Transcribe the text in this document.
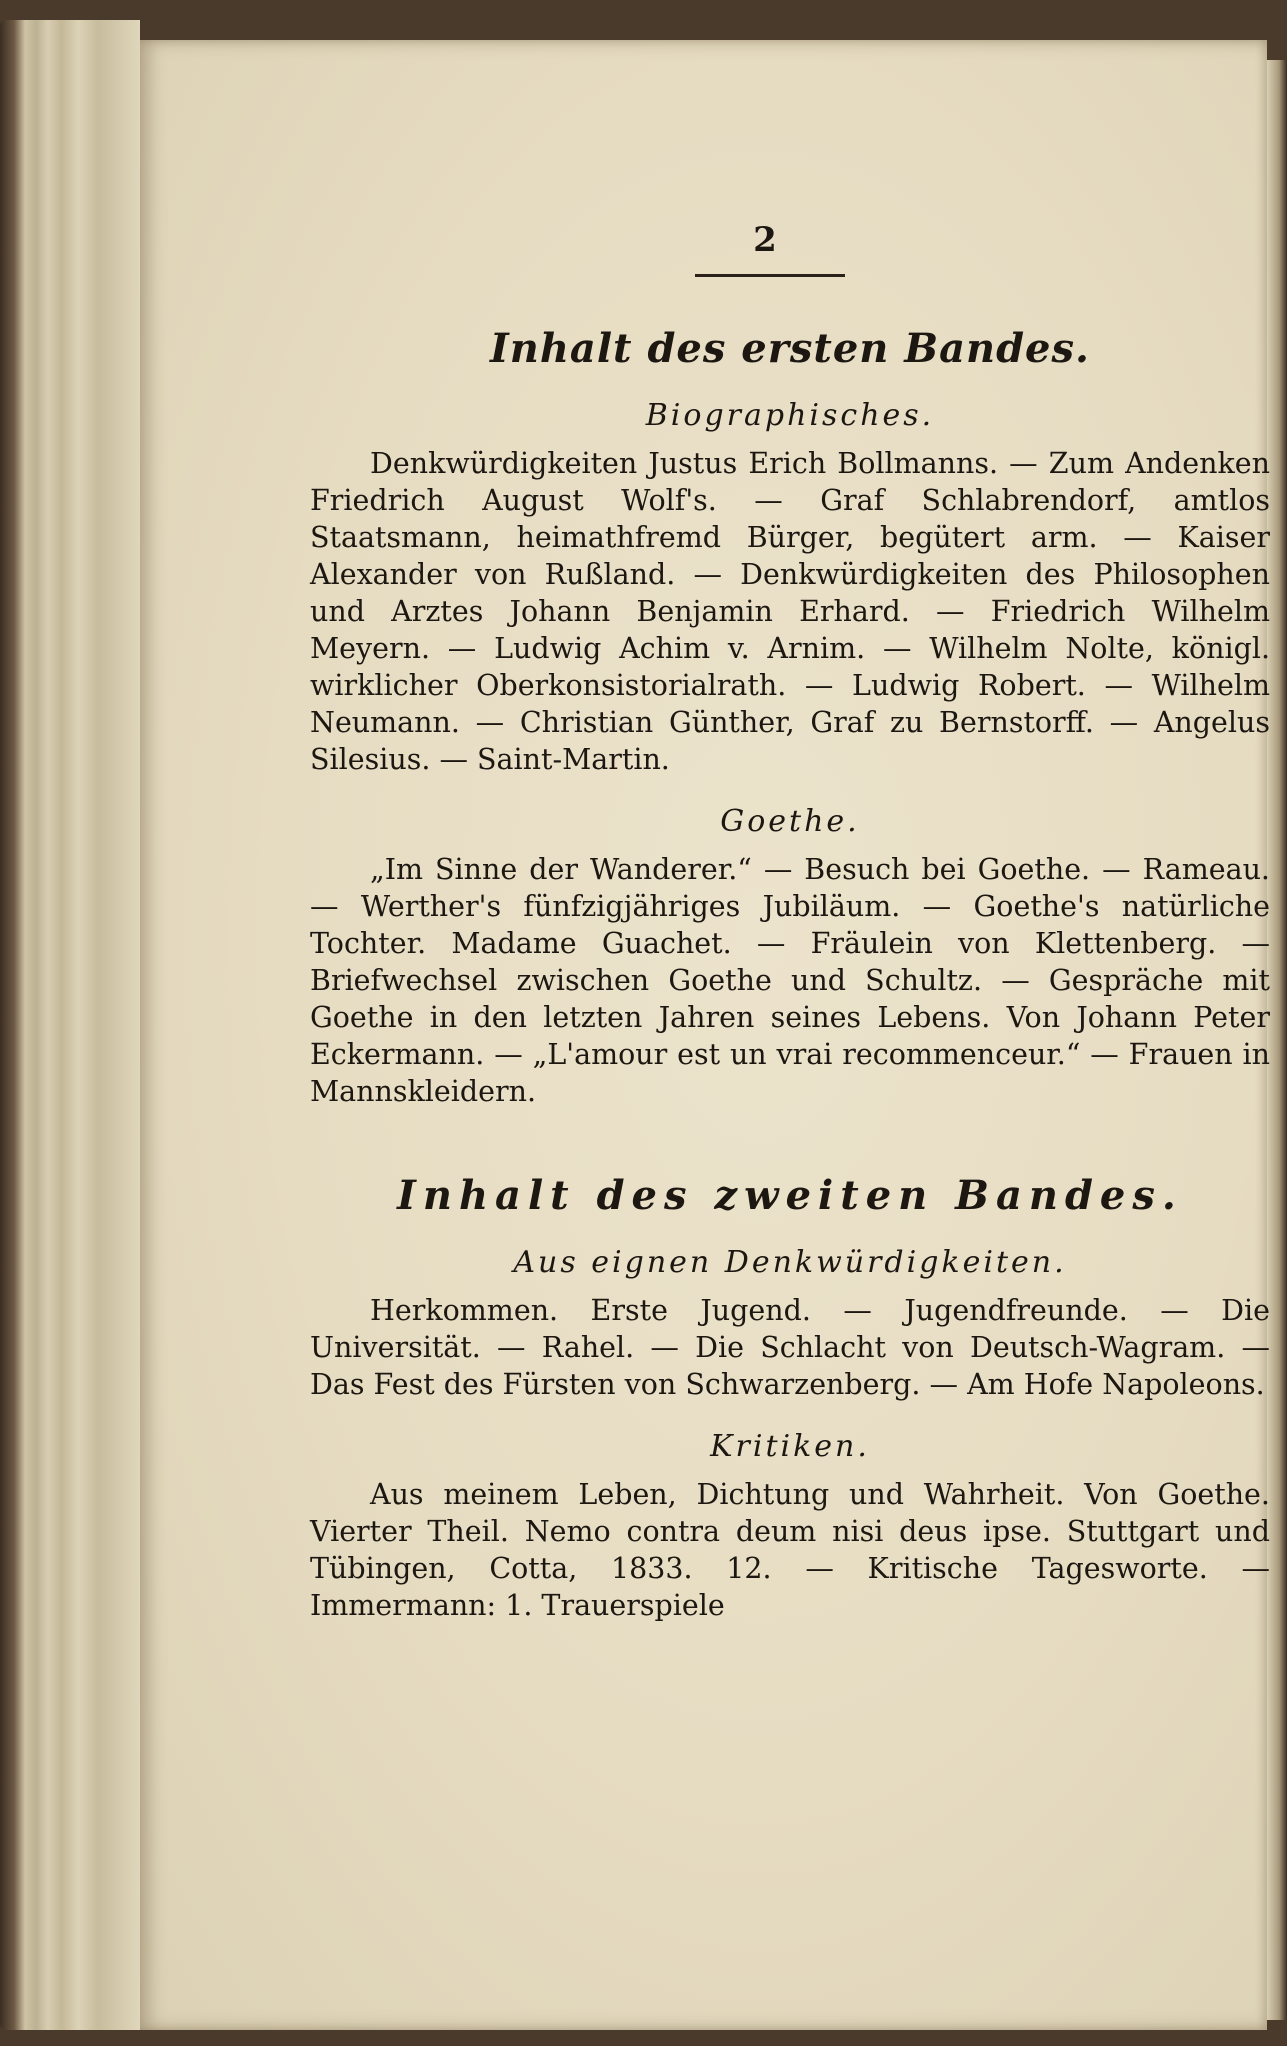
2
Inhalt des ersten Bandes.
Biographisches.

Denkwürdigkeiten Justus Erich Bollmanns. — Zum Andenken Friedrich August Wolf's. — Graf Schlabrendorf, amtlos Staatsmann, heimathfremd Bürger, begütert arm. — Kaiser Alexander von Rußland. — Denkwürdigkeiten des Philosophen und Arztes Johann Benjamin Erhard. — Friedrich Wilhelm Meyern. — Ludwig Achim v. Arnim. — Wilhelm Nolte, königl. wirklicher Oberkonsistorialrath. — Ludwig Robert. — Wilhelm Neumann. — Christian Günther, Graf zu Bernstorff. — Angelus Silesius. — Saint-Martin.

Goethe.

„Im Sinne der Wanderer.“ — Besuch bei Goethe. — Rameau. — Werther's fünfzigjähriges Jubiläum. — Goethe's natürliche Tochter. Madame Guachet. — Fräulein von Klettenberg. — Briefwechsel zwischen Goethe und Schultz. — Gespräche mit Goethe in den letzten Jahren seines Lebens. Von Johann Peter Eckermann. — „L'amour est un vrai recommenceur.“ — Frauen in Mannskleidern.

Inhalt des zweiten Bandes.
Aus eignen Denkwürdigkeiten.

Herkommen. Erste Jugend. — Jugendfreunde. — Die Universität. — Rahel. — Die Schlacht von Deutsch-Wagram. — Das Fest des Fürsten von Schwarzenberg. — Am Hofe Napoleons.

Kritiken.

Aus meinem Leben, Dichtung und Wahrheit. Von Goethe. Vierter Theil. Nemo contra deum nisi deus ipse. Stuttgart und Tübingen, Cotta, 1833. 12. — Kritische Tagesworte. — Immermann: 1. Trauerspiele
